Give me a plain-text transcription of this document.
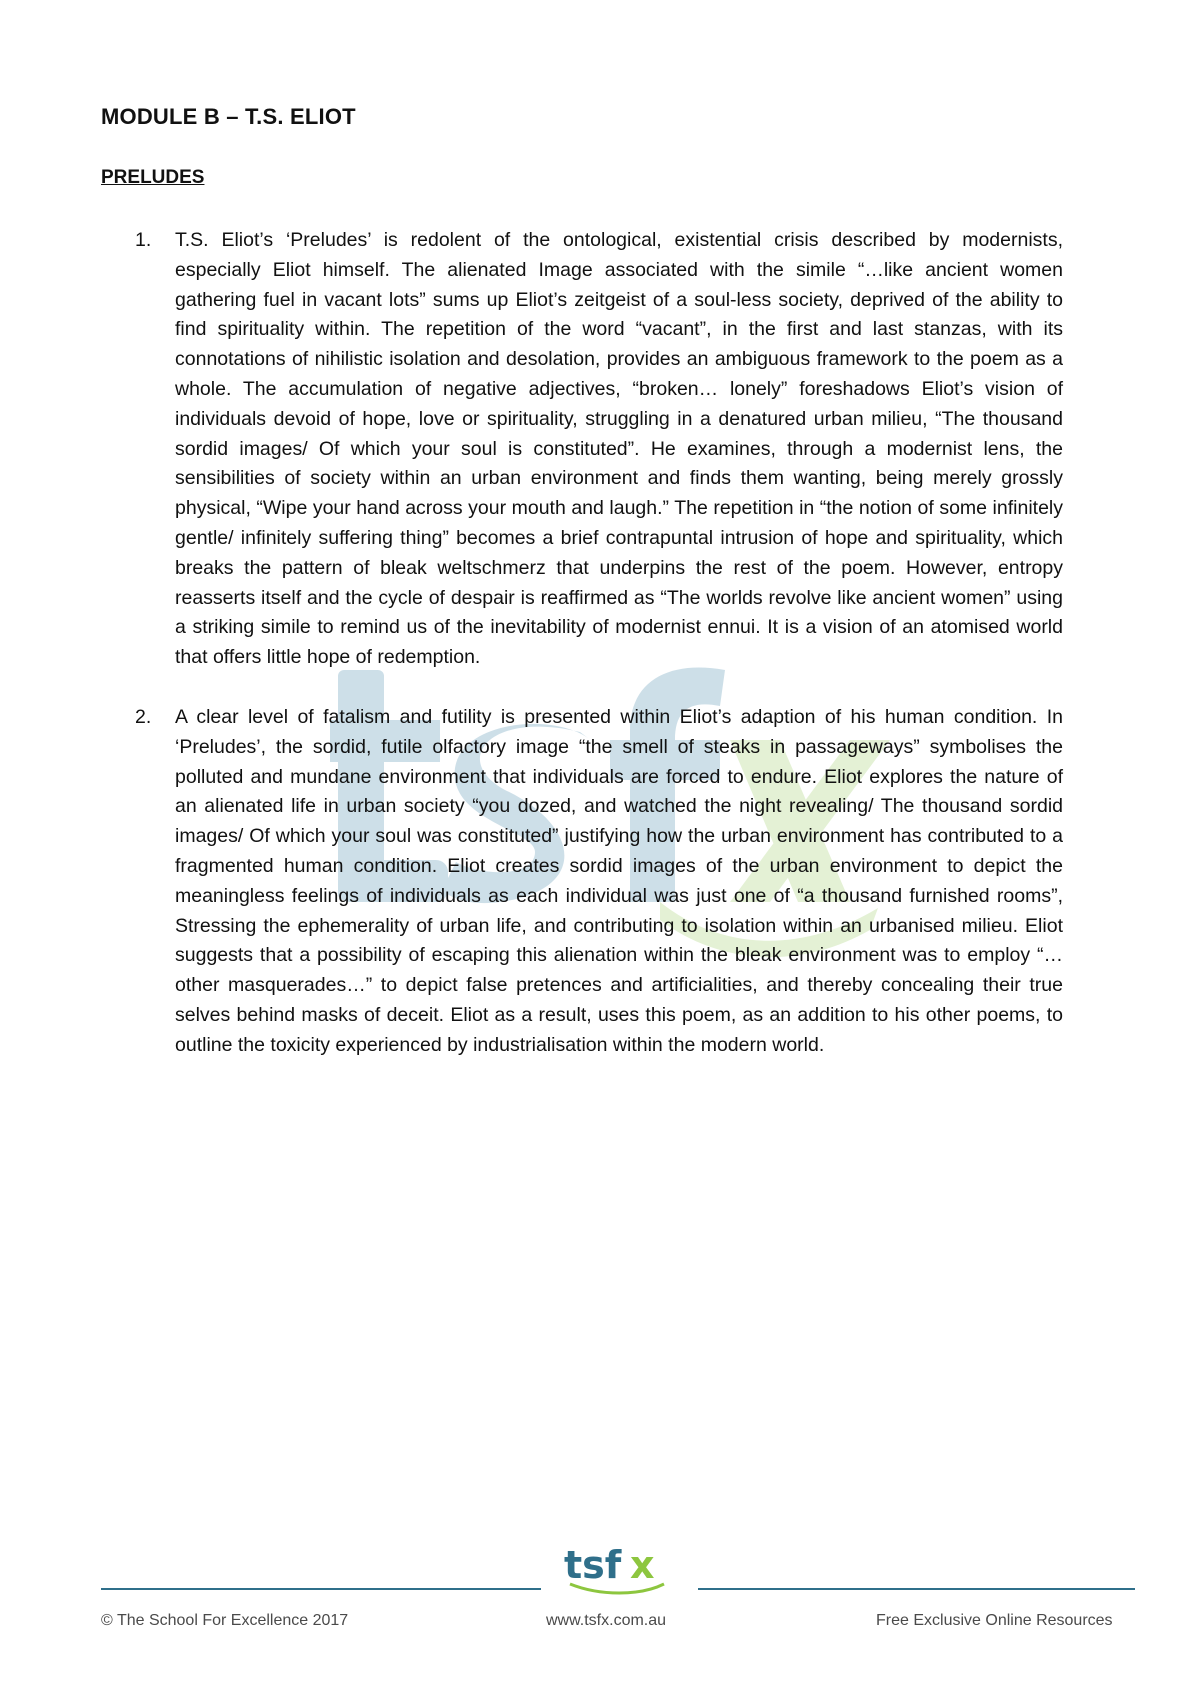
MODULE B – T.S. ELIOT
PRELUDES
1. T.S. Eliot’s ‘Preludes’ is redolent of the ontological, existential crisis described by modernists, especially Eliot himself. The alienated Image associated with the simile “…like ancient women gathering fuel in vacant lots” sums up Eliot’s zeitgeist of a soul-less society, deprived of the ability to find spirituality within. The repetition of the word “vacant”, in the first and last stanzas, with its connotations of nihilistic isolation and desolation, provides an ambiguous framework to the poem as a whole. The accumulation of negative adjectives, “broken… lonely” foreshadows Eliot’s vision of individuals devoid of hope, love or spirituality, struggling in a denatured urban milieu, “The thousand sordid images/ Of which your soul is constituted”. He examines, through a modernist lens, the sensibilities of society within an urban environment and finds them wanting, being merely grossly physical, “Wipe your hand across your mouth and laugh.” The repetition in “the notion of some infinitely gentle/ infinitely suffering thing” becomes a brief contrapuntal intrusion of hope and spirituality, which breaks the pattern of bleak weltschmerz that underpins the rest of the poem. However, entropy reasserts itself and the cycle of despair is reaffirmed as “The worlds revolve like ancient women” using a striking simile to remind us of the inevitability of modernist ennui. It is a vision of an atomised world that offers little hope of redemption.

2. A clear level of fatalism and futility is presented within Eliot’s adaption of his human condition. In ‘Preludes’, the sordid, futile olfactory image “the smell of steaks in passageways” symbolises the polluted and mundane environment that individuals are forced to endure. Eliot explores the nature of an alienated life in urban society “you dozed, and watched the night revealing/ The thousand sordid images/ Of which your soul was constituted” justifying how the urban environment has contributed to a fragmented human condition. Eliot creates sordid images of the urban environment to depict the meaningless feelings of individuals as each individual was just one of “a thousand furnished rooms”, Stressing the ephemerality of urban life, and contributing to isolation within an urbanised milieu. Eliot suggests that a possibility of escaping this alienation within the bleak environment was to employ “…other masquerades…” to depict false pretences and artificialities, and thereby concealing their true selves behind masks of deceit. Eliot as a result, uses this poem, as an addition to his other poems, to outline the toxicity experienced by industrialisation within the modern world.

tsf x

© The School For Excellence 2017	www.tsfx.com.au	Free Exclusive Online Resources
